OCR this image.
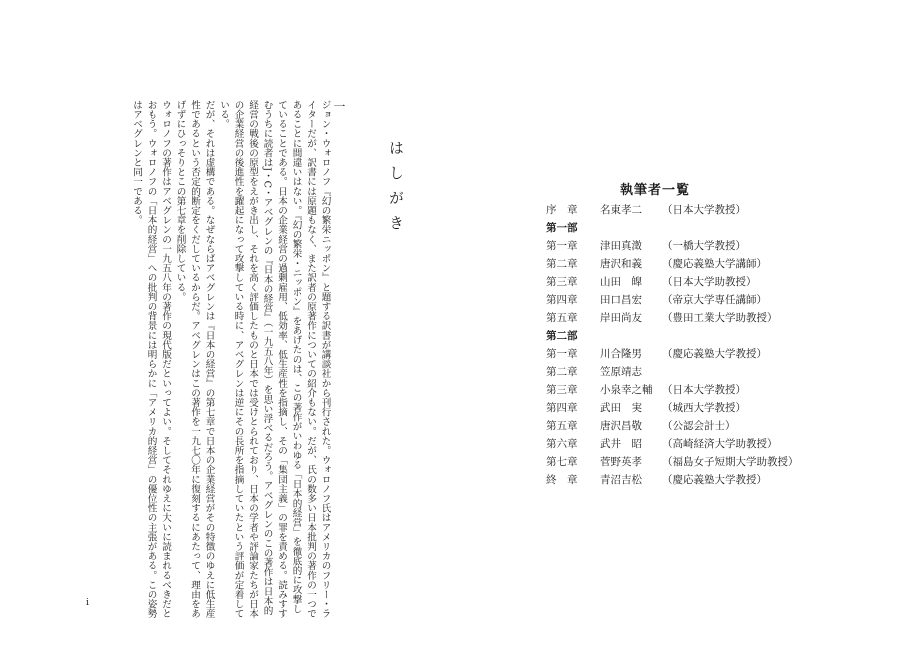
はしがき

一

ジョン・ウォロノフ『幻の繁栄ニッポン』と題する訳書が講談社から刊行された。ウォロノフ氏はアメリカのフリー・ライターだが、訳書には原題もなく、また訳者の原著作についての紹介もない。だが、氏の数多い日本批判の著作の一つであることに間違いはない。『幻の繁栄・ニッポン』をあげたのは、この著作がいわゆる「日本的経営」を徹底的に攻撃していることである。日本の企業経営の過剰雇用、低効率、低生産性を指摘し、その「集団主義」の罪を責める。読みすすむうちに読者はJ・C・アベグレンの『日本の経営』（一九五八年）を思い浮べるだろう。アベグレンのこの著作は日本的経営の戦後の原型をえがき出し、それを高く評価したものと日本では受けとられており、日本の学者や評論家たちが日本の企業経営の後進性を躍起になって攻撃している時に、アベグレンは逆にその長所を指摘していたという評価が定着している。

だが、それは虚構である。なぜならばアベグレンは『日本の経営』の第七章で日本の企業経営がその特徴のゆえに低生産性であるという否定的断定をくだしているからだ。アベグレンはこの著作を一九七〇年に復刻するにあたって、理由をあげずにひっそりとこの第七章を削除している。

ウォロノフの著作はアベグレンの一九五八年の著作の現代版だといってよい。そしてそれゆえに大いに読まれるべきだとおもう。ウォロノフの「日本的経営」への批判の背景には明らかに「アメリカ的経営」の優位性の主張がある。この姿勢はアベグレンと同一である。

i
執筆者一覧
序　章 名東孝二 （日本大学教授）
第一部
第一章 津田真澂 （一橋大学教授）
第二章 唐沢和義 （慶応義塾大学講師）
第三章 山田　皥 （日本大学助教授）
第四章 田口昌宏 （帝京大学専任講師）
第五章 岸田尚友 （豊田工業大学助教授）
第二部
第一章 川合隆男 （慶応義塾大学教授）
第二章 笠原靖志
第三章 小泉幸之輔 （日本大学教授）
第四章 武田　実 （城西大学教授）
第五章 唐沢昌敬 （公認会計士）
第六章 武井　昭 （高崎経済大学助教授）
第七章 菅野英孝 （福島女子短期大学助教授）
終　章 青沼吉松 （慶応義塾大学教授）
